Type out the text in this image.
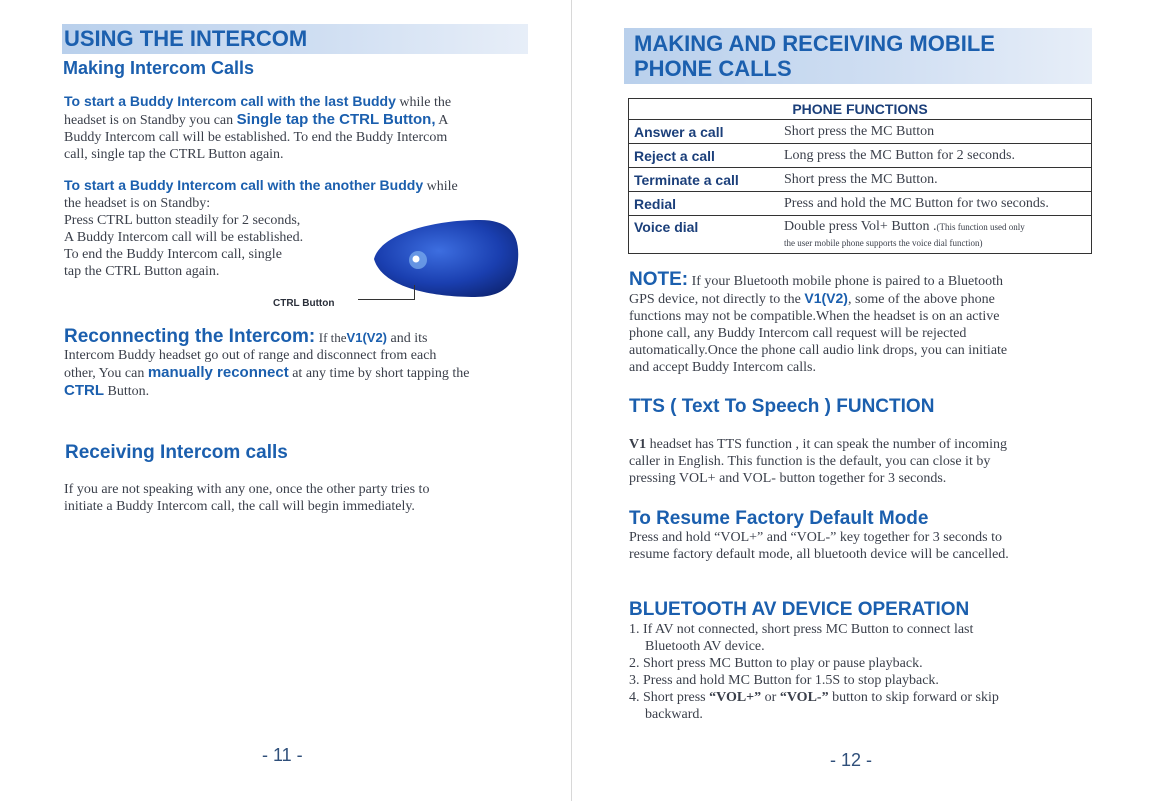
USING THE INTERCOM
Making Intercom Calls
To start a Buddy Intercom call with the last Buddy while the
headset is on Standby you can Single tap the CTRL Button, A
Buddy Intercom call will be established. To end the Buddy Intercom
call, single tap the CTRL Button again.
To start a Buddy Intercom call with the another Buddy while
the headset is on Standby:
Press CTRL button steadily for 2 seconds,
A Buddy Intercom call will be established.
To end the Buddy Intercom call, single
tap the CTRL Button again.
CTRL Button
Reconnecting the Intercom: If theV1(V2) and its
Intercom Buddy headset go out of range and disconnect from each
other, You can manually reconnect at any time by short tapping the
CTRL Button.
Receiving Intercom calls
If you are not speaking with any one, once the other party tries to
initiate a Buddy Intercom call, the call will begin immediately.
- 11 -
MAKING AND RECEIVING MOBILE
PHONE CALLS
PHONE FUNCTIONS	
Answer a call	Short press the MC Button
Reject a call	Long press the MC Button for 2 seconds.
Terminate a call	Short press the MC Button.
Redial	Press and hold the MC Button for two seconds.
Voice dial	Double press Vol+ Button .(This function used only
the user mobile phone supports the voice dial function)
NOTE: If your Bluetooth mobile phone is paired to a Bluetooth
GPS device, not directly to the V1(V2), some of the above phone
functions may not be compatible.When the headset is on an active
phone call, any Buddy Intercom call request will be rejected
automatically.Once the phone call audio link drops, you can initiate
and accept Buddy Intercom calls.
TTS ( Text To Speech ) FUNCTION
V1 headset has TTS function , it can speak the number of incoming
caller in English. This function is the default, you can close it by
pressing VOL+ and VOL- button together for 3 seconds.
To Resume Factory Default Mode
Press and hold “VOL+” and “VOL-” key together for 3 seconds to
resume factory default mode, all bluetooth device will be cancelled.
BLUETOOTH AV DEVICE OPERATION
1. If AV not connected, short press MC Button to connect last
Bluetooth AV device.
2. Short press MC Button to play or pause playback.
3. Press and hold MC Button for 1.5S to stop playback.
4. Short press “VOL+” or “VOL-” button to skip forward or skip
backward.
- 12 -
